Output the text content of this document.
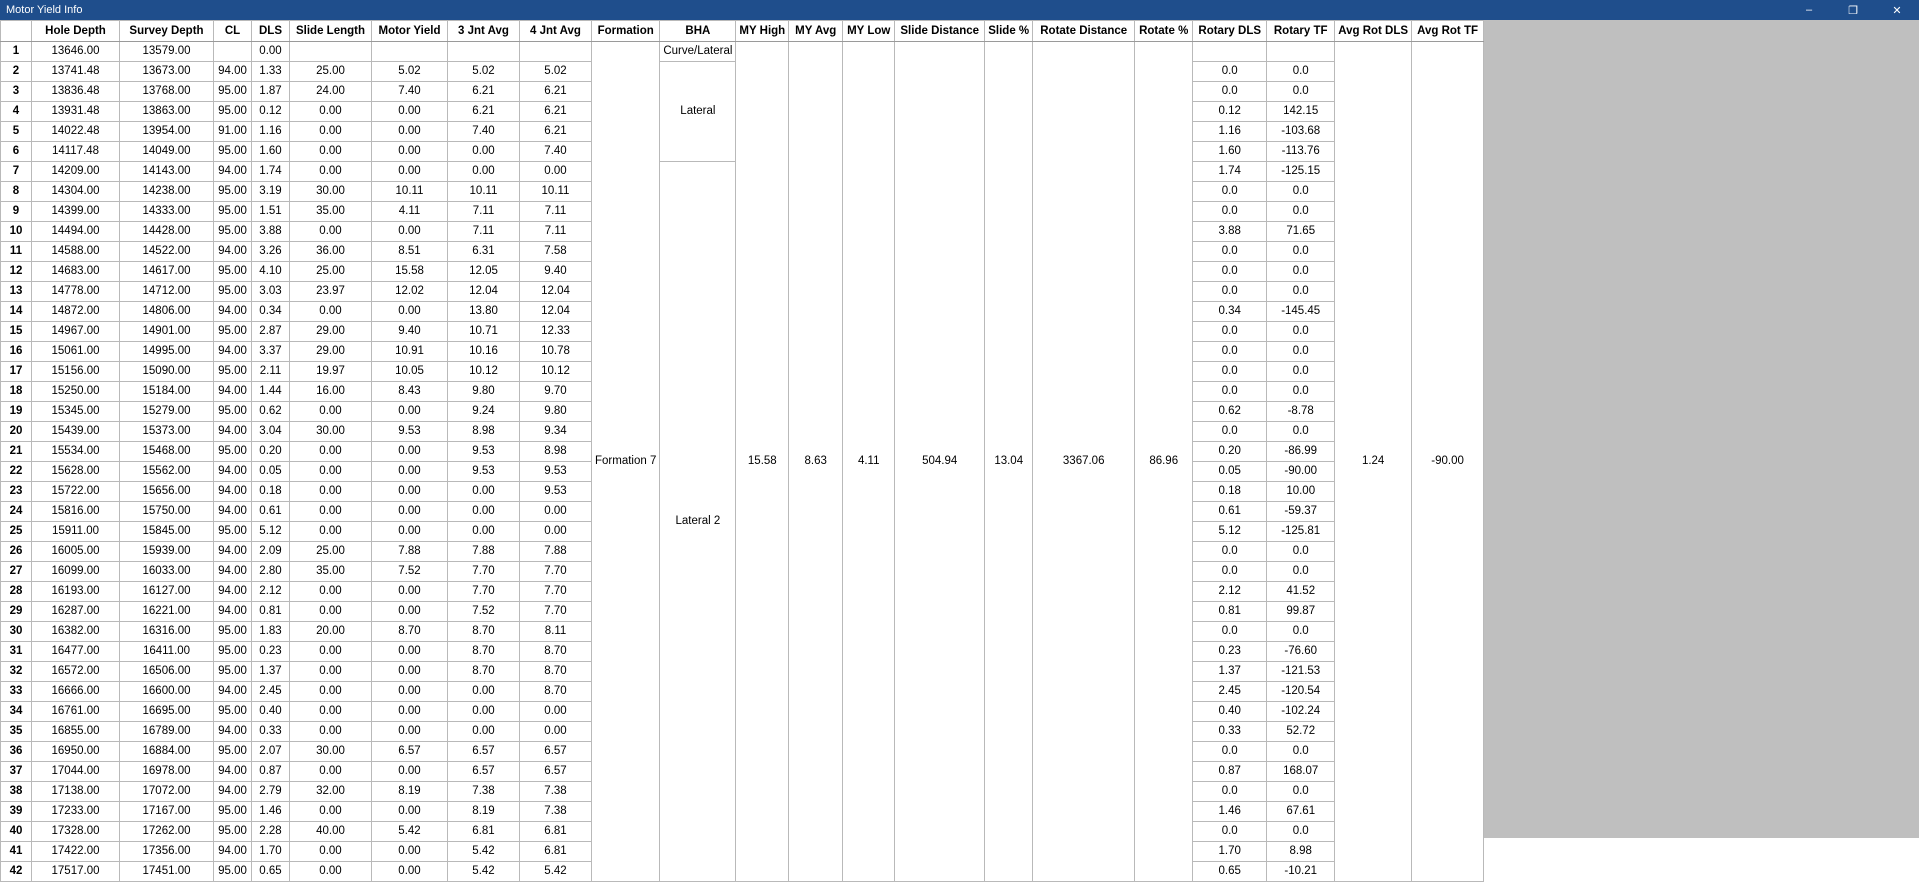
Motor Yield Info	–	❐	✕
	Hole Depth	Survey Depth	CL	DLS	Slide Length	Motor Yield	3 Jnt Avg	4 Jnt Avg	Formation	BHA	MY High	MY Avg	MY Low	Slide Distance	Slide %	Rotate Distance	Rotate %	Rotary DLS	Rotary TF	Avg Rot DLS	Avg Rot TF
1	13646.00	13579.00		0.00					Formation 7	Curve/Lateral	15.58	8.63	4.11	504.94	13.04	3367.06	86.96			1.24	-90.00
2	13741.48	13673.00	94.00	1.33	25.00	5.02	5.02	5.02		Lateral								0.0	0.0		
3	13836.48	13768.00	95.00	1.87	24.00	7.40	6.21	6.21										0.0	0.0		
4	13931.48	13863.00	95.00	0.12	0.00	0.00	6.21	6.21										0.12	142.15		
5	14022.48	13954.00	91.00	1.16	0.00	0.00	7.40	6.21										1.16	-103.68		
6	14117.48	14049.00	95.00	1.60	0.00	0.00	0.00	7.40										1.60	-113.76		
7	14209.00	14143.00	94.00	1.74	0.00	0.00	0.00	0.00		Lateral 2								1.74	-125.15		
8	14304.00	14238.00	95.00	3.19	30.00	10.11	10.11	10.11										0.0	0.0		
9	14399.00	14333.00	95.00	1.51	35.00	4.11	7.11	7.11										0.0	0.0		
10	14494.00	14428.00	95.00	3.88	0.00	0.00	7.11	7.11										3.88	71.65		
11	14588.00	14522.00	94.00	3.26	36.00	8.51	6.31	7.58										0.0	0.0		
12	14683.00	14617.00	95.00	4.10	25.00	15.58	12.05	9.40										0.0	0.0		
13	14778.00	14712.00	95.00	3.03	23.97	12.02	12.04	12.04										0.0	0.0		
14	14872.00	14806.00	94.00	0.34	0.00	0.00	13.80	12.04										0.34	-145.45		
15	14967.00	14901.00	95.00	2.87	29.00	9.40	10.71	12.33										0.0	0.0		
16	15061.00	14995.00	94.00	3.37	29.00	10.91	10.16	10.78										0.0	0.0		
17	15156.00	15090.00	95.00	2.11	19.97	10.05	10.12	10.12										0.0	0.0		
18	15250.00	15184.00	94.00	1.44	16.00	8.43	9.80	9.70										0.0	0.0		
19	15345.00	15279.00	95.00	0.62	0.00	0.00	9.24	9.80										0.62	-8.78		
20	15439.00	15373.00	94.00	3.04	30.00	9.53	8.98	9.34										0.0	0.0		
21	15534.00	15468.00	95.00	0.20	0.00	0.00	9.53	8.98										0.20	-86.99		
22	15628.00	15562.00	94.00	0.05	0.00	0.00	9.53	9.53										0.05	-90.00		
23	15722.00	15656.00	94.00	0.18	0.00	0.00	0.00	9.53										0.18	10.00		
24	15816.00	15750.00	94.00	0.61	0.00	0.00	0.00	0.00										0.61	-59.37		
25	15911.00	15845.00	95.00	5.12	0.00	0.00	0.00	0.00										5.12	-125.81		
26	16005.00	15939.00	94.00	2.09	25.00	7.88	7.88	7.88										0.0	0.0		
27	16099.00	16033.00	94.00	2.80	35.00	7.52	7.70	7.70										0.0	0.0		
28	16193.00	16127.00	94.00	2.12	0.00	0.00	7.70	7.70										2.12	41.52		
29	16287.00	16221.00	94.00	0.81	0.00	0.00	7.52	7.70										0.81	99.87		
30	16382.00	16316.00	95.00	1.83	20.00	8.70	8.70	8.11										0.0	0.0		
31	16477.00	16411.00	95.00	0.23	0.00	0.00	8.70	8.70										0.23	-76.60		
32	16572.00	16506.00	95.00	1.37	0.00	0.00	8.70	8.70										1.37	-121.53		
33	16666.00	16600.00	94.00	2.45	0.00	0.00	0.00	8.70										2.45	-120.54		
34	16761.00	16695.00	95.00	0.40	0.00	0.00	0.00	0.00										0.40	-102.24		
35	16855.00	16789.00	94.00	0.33	0.00	0.00	0.00	0.00										0.33	52.72		
36	16950.00	16884.00	95.00	2.07	30.00	6.57	6.57	6.57										0.0	0.0		
37	17044.00	16978.00	94.00	0.87	0.00	0.00	6.57	6.57										0.87	168.07		
38	17138.00	17072.00	94.00	2.79	32.00	8.19	7.38	7.38										0.0	0.0		
39	17233.00	17167.00	95.00	1.46	0.00	0.00	8.19	7.38										1.46	67.61		
40	17328.00	17262.00	95.00	2.28	40.00	5.42	6.81	6.81										0.0	0.0		
41	17422.00	17356.00	94.00	1.70	0.00	0.00	5.42	6.81										1.70	8.98		
42	17517.00	17451.00	95.00	0.65	0.00	0.00	5.42	5.42										0.65	-10.21		
